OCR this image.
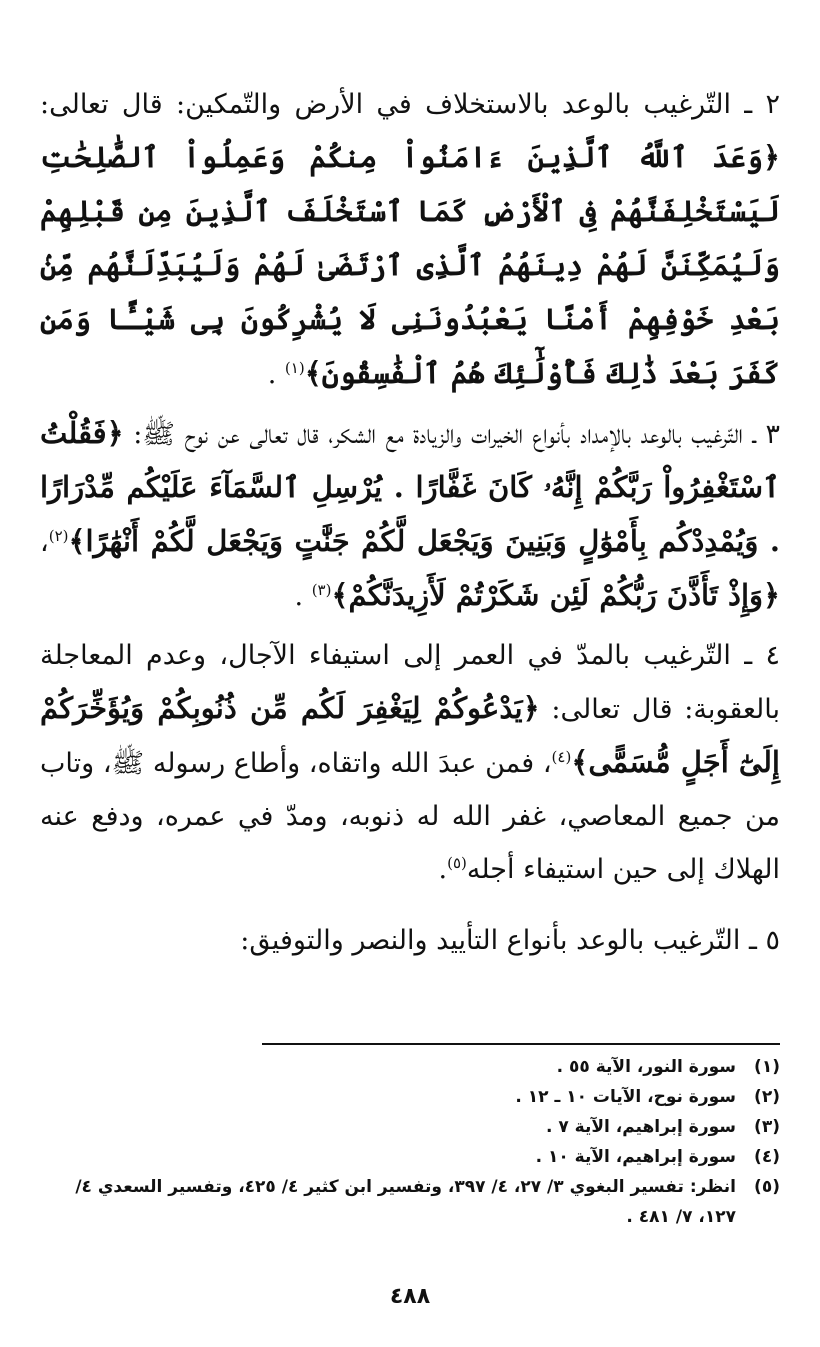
٢ ـ التّرغيب بالوعد بالاستخلاف في الأرض والتّمكين: قال تعالى: ﴿وَعَدَ ٱللَّهُ ٱلَّذِينَ ءَامَنُواْ مِنكُمْ وَعَمِلُواْ ٱلصَّٰلِحَٰتِ لَيَسْتَخْلِفَنَّهُمْ فِى ٱلْأَرْضِ كَمَا ٱسْتَخْلَفَ ٱلَّذِينَ مِن قَبْلِهِمْ وَلَيُمَكِّنَنَّ لَهُمْ دِينَهُمُ ٱلَّذِى ٱرْتَضَىٰ لَهُمْ وَلَيُبَدِّلَنَّهُم مِّنۢ بَعْدِ خَوْفِهِمْ أَمْنًا يَعْبُدُونَنِى لَا يُشْرِكُونَ بِى شَيْـًٔا وَمَن كَفَرَ بَعْدَ ذَٰلِكَ فَأُوْلَٰٓئِكَ هُمُ ٱلْفَٰسِقُونَ﴾$^{(١)}$ .

٣ ـ التّرغيب بالوعد بالإمداد بأنواع الخيرات والزيادة مع الشكر، قال تعالى عن نوح ﷺ: ﴿فَقُلْتُ ٱسْتَغْفِرُواْ رَبَّكُمْ إِنَّهُۥ كَانَ غَفَّارًا . يُرْسِلِ ٱلسَّمَآءَ عَلَيْكُم مِّدْرَارًا . وَيُمْدِدْكُم بِأَمْوَٰلٍ وَبَنِينَ وَيَجْعَل لَّكُمْ جَنَّٰتٍ وَيَجْعَل لَّكُمْ أَنْهَٰرًا﴾$^{(٢)}$، ﴿وَإِذْ تَأَذَّنَ رَبُّكُمْ لَئِن شَكَرْتُمْ لَأَزِيدَنَّكُمْ﴾$^{(٣)}$ .

٤ ـ التّرغيب بالمدّ في العمر إلى استيفاء الآجال، وعدم المعاجلة بالعقوبة: قال تعالى: ﴿يَدْعُوكُمْ لِيَغْفِرَ لَكُم مِّن ذُنُوبِكُمْ وَيُؤَخِّرَكُمْ إِلَىٰٓ أَجَلٍ مُّسَمًّى﴾$^{(٤)}$، فمن عبدَ الله واتقاه، وأطاع رسوله ﷺ، وتاب من جميع المعاصي، غفر الله له ذنوبه، ومدّ في عمره، ودفع عنه الهلاك إلى حين استيفاء أجله$^{(٥)}$.

٥ ـ التّرغيب بالوعد بأنواع التأييد والنصر والتوفيق:

(١)
سورة النور، الآية ٥٥ .
(٢)
سورة نوح، الآيات ١٠ ـ ١٢ .
(٣)
سورة إبراهيم، الآية ٧ .
(٤)
سورة إبراهيم، الآية ١٠ .
(٥)
انظر: تفسير البغوي ٣/ ٢٧، ٤/ ٣٩٧، وتفسير ابن كثير ٤/ ٤٢٥، وتفسير السعدي ٤/ ١٢٧، ٧/ ٤٨١ .
٤٨٨
